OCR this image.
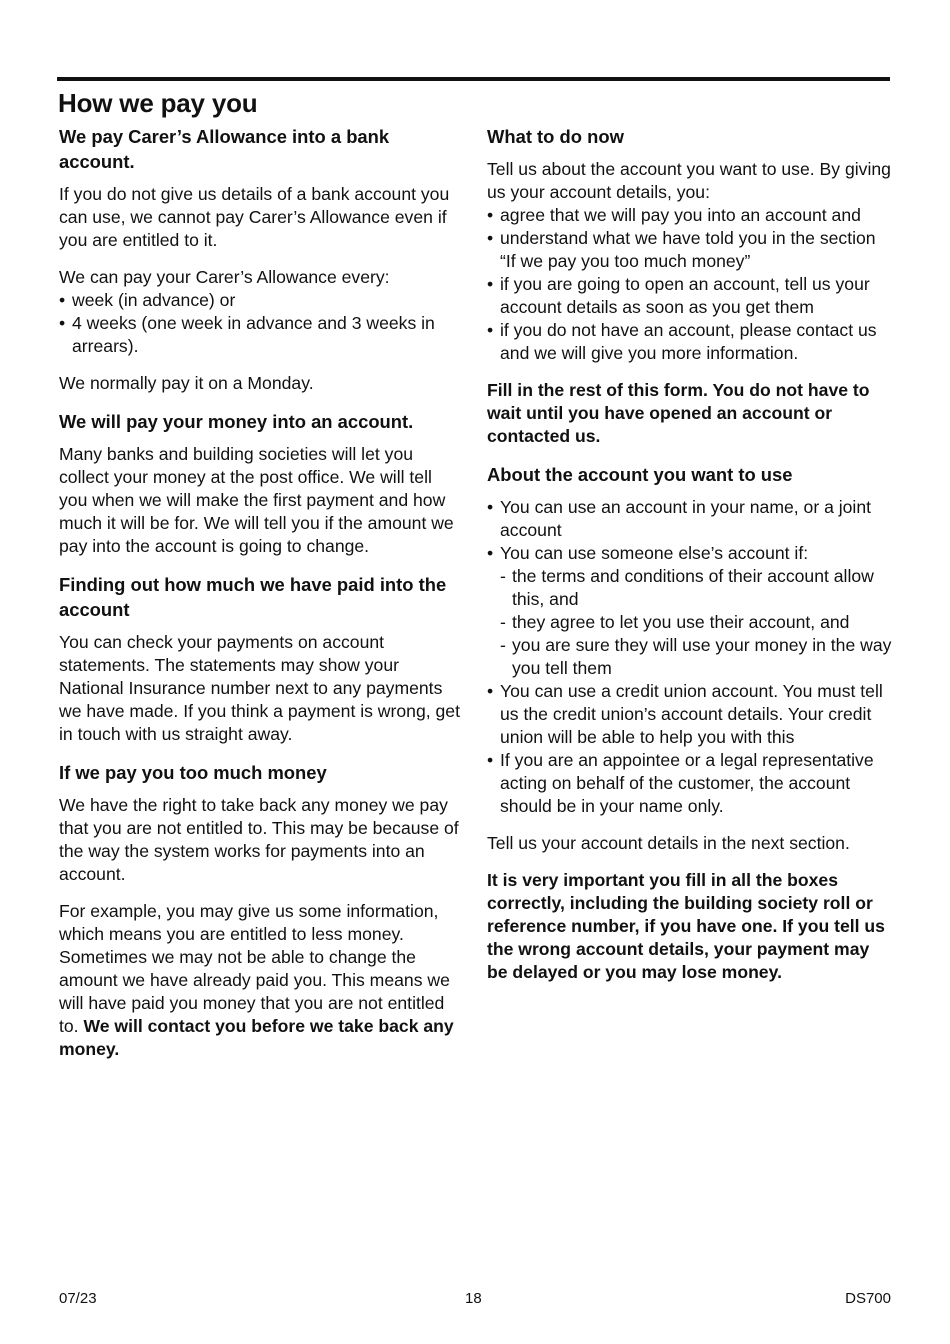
How we pay you
We pay Carer’s Allowance into a bank account.

If you do not give us details of a bank account you can use, we cannot pay Carer’s Allowance even if you are entitled to it.

We can pay your Carer’s Allowance every:

• week (in advance) or
• 4 weeks (one week in advance and 3 weeks in arrears).

We normally pay it on a Monday.

We will pay your money into an account.

Many banks and building societies will let you collect your money at the post office. We will tell you when we will make the first payment and how much it will be for. We will tell you if the amount we pay into the account is going to change.

Finding out how much we have paid into the account

You can check your payments on account statements. The statements may show your National Insurance number next to any payments we have made. If you think a payment is wrong, get in touch with us straight away.

If we pay you too much money

We have the right to take back any money we pay that you are not entitled to. This may be because of the way the system works for payments into an account.

For example, you may give us some information, which means you are entitled to less money. Sometimes we may not be able to change the amount we have already paid you. This means we will have paid you money that you are not entitled to. We will contact you before we take back any money.

What to do now

Tell us about the account you want to use. By giving us your account details, you:

• agree that we will pay you into an account and
• understand what we have told you in the section “If we pay you too much money”
• if you are going to open an account, tell us your account details as soon as you get them
• if you do not have an account, please contact us and we will give you more information.

Fill in the rest of this form. You do not have to wait until you have opened an account or contacted us.

About the account you want to use
• You can use an account in your name, or a joint account
• You can use someone else’s account if:
- the terms and conditions of their account allow this, and
- they agree to let you use their account, and
- you are sure they will use your money in the way you tell them
• You can use a credit union account. You must tell us the credit union’s account details. Your credit union will be able to help you with this
• If you are an appointee or a legal representative acting on behalf of the customer, the account should be in your name only.

Tell us your account details in the next section.

It is very important you fill in all the boxes correctly, including the building society roll or reference number, if you have one. If you tell us the wrong account details, your payment may be delayed or you may lose money.

07/23	18	DS700
